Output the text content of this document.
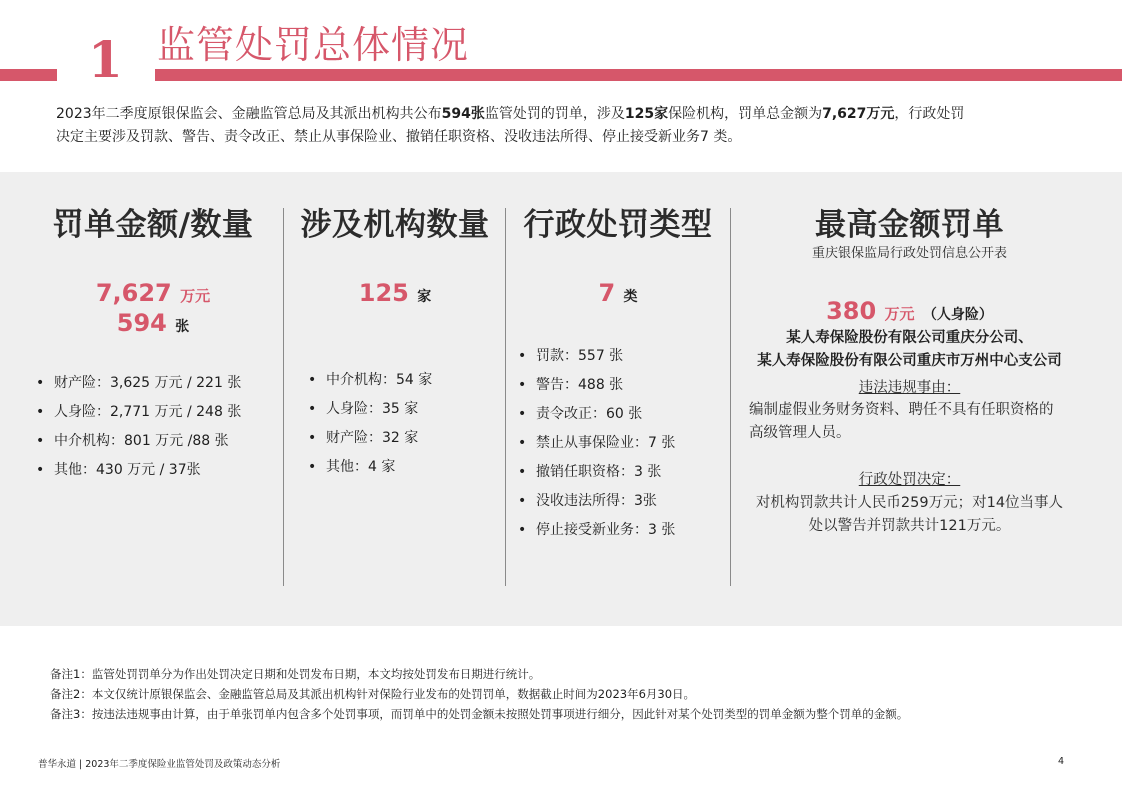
1 监管处罚总体情况
2023年二季度原银保监会、金融监管总局及其派出机构共公布594张监管处罚的罚单，涉及125家保险机构，罚单总金额为7,627万元，行政处罚
决定主要涉及罚款、警告、责令改正、禁止从事保险业、撤销任职资格、没收违法所得、停止接受新业务7 类。
罚单金额/数量
7,627 万元
594 张
• 财产险：3,625 万元 / 221 张
• 人身险：2,771 万元 / 248 张
• 中介机构：801 万元 /88 张
• 其他：430 万元 / 37张
涉及机构数量
125 家
• 中介机构：54 家
• 人身险：35 家
• 财产险：32 家
• 其他：4 家
行政处罚类型
7 类
• 罚款：557 张
• 警告：488 张
• 责令改正：60 张
• 禁止从事保险业：7 张
• 撤销任职资格：3 张
• 没收违法所得：3张
• 停止接受新业务：3 张
最高金额罚单
重庆银保监局行政处罚信息公开表
380 万元 （人身险）
某人寿保险股份有限公司重庆分公司、
某人寿保险股份有限公司重庆市万州中心支公司
违法违规事由：
编制虚假业务财务资料、聘任不具有任职资格的
高级管理人员。
行政处罚决定：
对机构罚款共计人民币259万元；对14位当事人
处以警告并罚款共计121万元。
备注1：监管处罚罚单分为作出处罚决定日期和处罚发布日期，本文均按处罚发布日期进行统计。
备注2：本文仅统计原银保监会、金融监管总局及其派出机构针对保险行业发布的处罚罚单，数据截止时间为2023年6月30日。
备注3：按违法违规事由计算，由于单张罚单内包含多个处罚事项，而罚单中的处罚金额未按照处罚事项进行细分，因此针对某个处罚类型的罚单金额为整个罚单的金额。
普华永道 | 2023年二季度保险业监管处罚及政策动态分析	4
